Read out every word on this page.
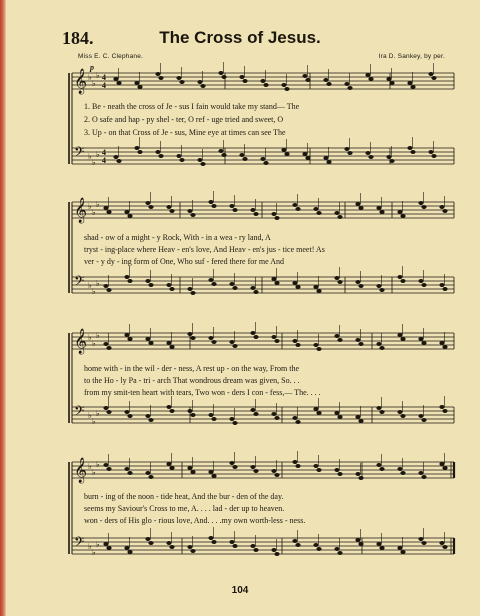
184.	The Cross of Jesus.
Miss E. C. Clephane.	Ira D. Sankey, by per.
p
𝄞 ♭
♭
♭ 4
4
𝄢 ♭
♭
♭ 4
4
𝄞 ♭
♭
♭
𝄢 ♭
♭
♭
𝄞 ♭
♭
♭
𝄢 ♭
♭
♭
𝄞 ♭
♭
♭
𝄢 ♭
♭
♭
1. Be - neath the cross of Je - sus I fain would take my stand— The
2. O safe and hap - py shel - ter, O ref - uge tried and sweet, O
3. Up - on that Cross of Je - sus, Mine eye at times can see The
shad - ow of a might - y Rock, With - in a wea - ry land, A
tryst - ing-place where Heav - en's love, And Heav - en's jus - tice meet! As
ver - y dy - ing form of One, Who suf - fered there for me And
home with - in the wil - der - ness, A rest up - on the way, From the
to the Ho - ly Pa - tri - arch That wondrous dream was given, So. . .
from my smit-ten heart with tears, Two won - ders I con - fess,— The. . . .
burn - ing of the noon - tide heat, And the bur - den of the day.
seems my Saviour's Cross to me, A. . . . lad - der up to heaven.
won - ders of His glo - rious love, And. . . .my own worth-less - ness.
104
